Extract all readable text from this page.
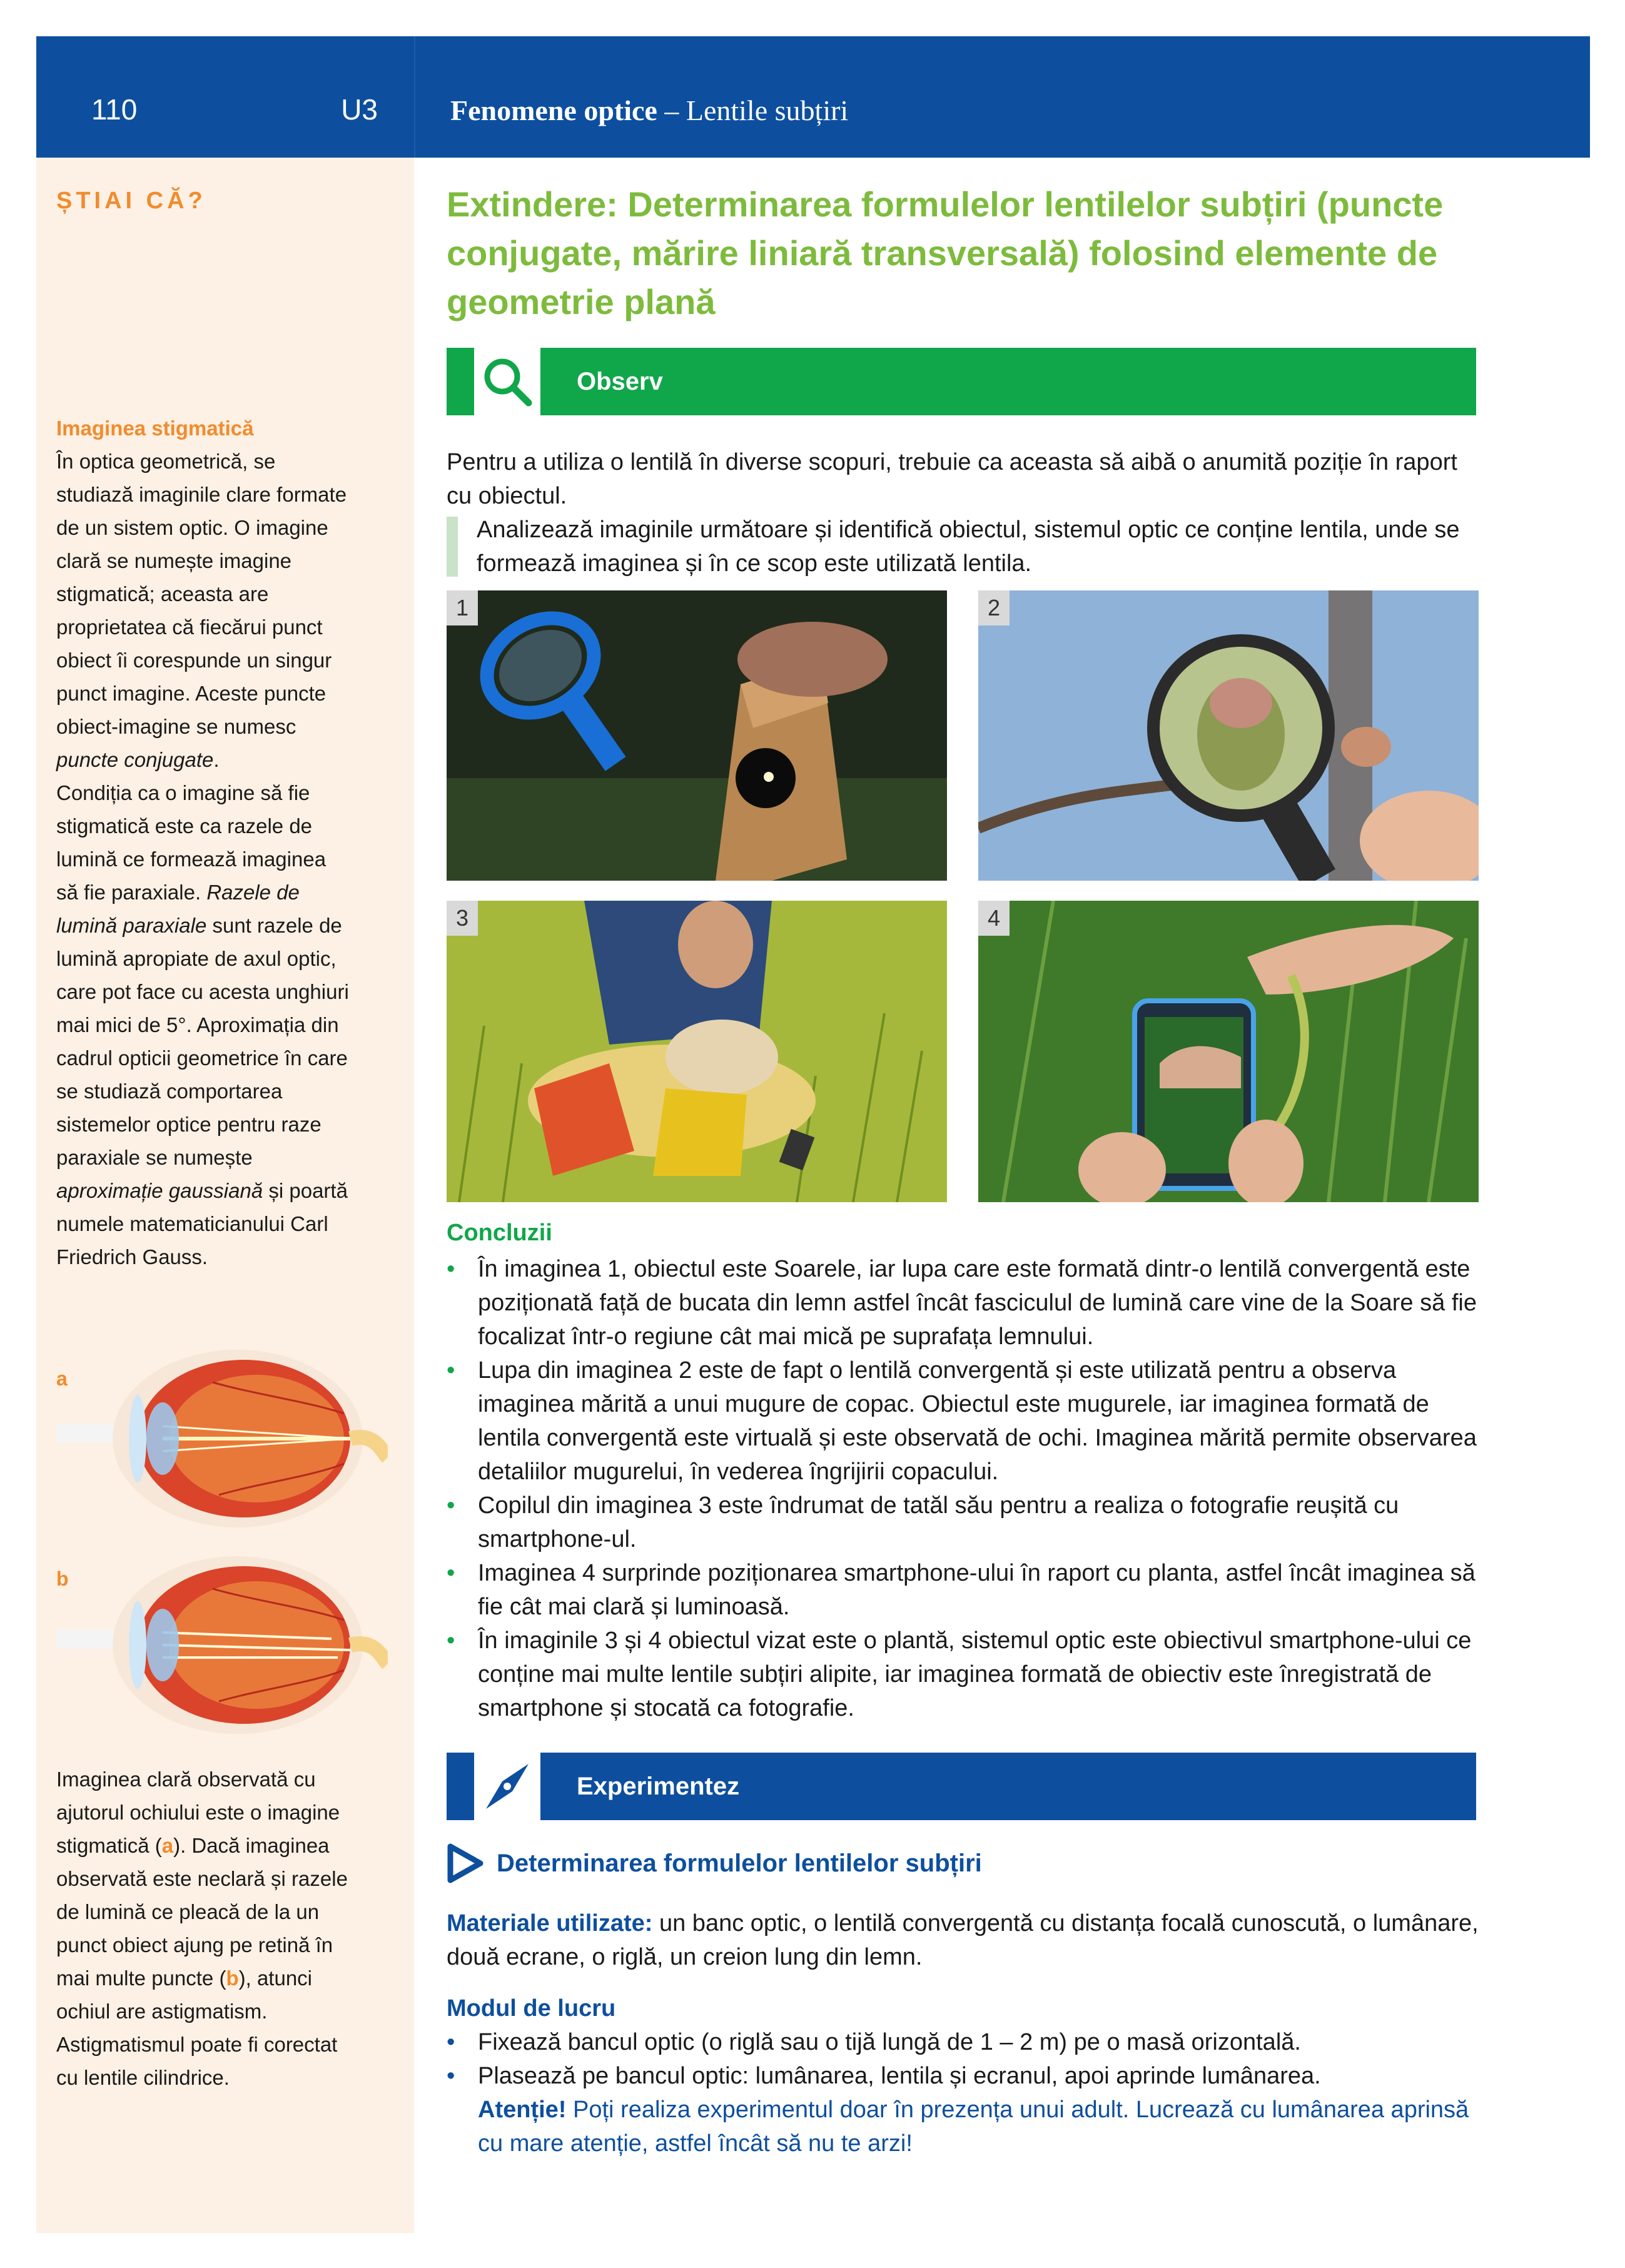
110	U3	Fenomene optice – Lentile subțiri
ȘTIAI CĂ?
Imaginea stigmatică
În optica geometrică, se studiază imaginile clare formate de un sistem optic. O imagine clară se numește imagine stigmatică; aceasta are proprietatea că fiecărui punct obiect îi corespunde un singur punct imagine. Aceste puncte obiect-imagine se numesc puncte conjugate.
Condiția ca o imagine să fie stigmatică este ca razele de lumină ce formează imaginea să fie paraxiale. Razele de lumină paraxiale sunt razele de lumină apropiate de axul optic, care pot face cu acesta unghiuri mai mici de 5°. Aproximația din cadrul opticii geometrice în care se studiază comportarea sistemelor optice pentru raze paraxiale se numește aproximație gaussiană și poartă numele matematicianului Carl Friedrich Gauss.
a
b
Imaginea clară observată cu ajutorul ochiului este o imagine stigmatică (a). Dacă imaginea observată este neclară și razele de lumină ce pleacă de la un punct obiect ajung pe retină în mai multe puncte (b), atunci ochiul are astigmatism. Astigmatismul poate fi corectat cu lentile cilindrice.
Extindere: Determinarea formulelor lentilelor subțiri (puncte conjugate, mărire liniară transversală) folosind elemente de geometrie plană
Observ
Pentru a utiliza o lentilă în diverse scopuri, trebuie ca aceasta să aibă o anumită poziție în raport cu obiectul.
Analizează imaginile următoare și identifică obiectul, sistemul optic ce conține lentila, unde se formează imaginea și în ce scop este utilizată lentila.
1	2
3	4
Concluzii
• În imaginea 1, obiectul este Soarele, iar lupa care este formată dintr-o lentilă convergentă este poziționată față de bucata din lemn astfel încât fasciculul de lumină care vine de la Soare să fie focalizat într-o regiune cât mai mică pe suprafața lemnului.
• Lupa din imaginea 2 este de fapt o lentilă convergentă și este utilizată pentru a observa imaginea mărită a unui mugure de copac. Obiectul este mugurele, iar imaginea formată de lentila convergentă este virtuală și este observată de ochi. Imaginea mărită permite observarea detaliilor mugurelui, în vederea îngrijirii copacului.
• Copilul din imaginea 3 este îndrumat de tatăl său pentru a realiza o fotografie reușită cu smartphone-ul.
• Imaginea 4 surprinde poziționarea smartphone-ului în raport cu planta, astfel încât imaginea să fie cât mai clară și luminoasă.
• În imaginile 3 și 4 obiectul vizat este o plantă, sistemul optic este obiectivul smartphone-ului ce conține mai multe lentile subțiri alipite, iar imaginea formată de obiectiv este înregistrată de smartphone și stocată ca fotografie.
Experimentez
Determinarea formulelor lentilelor subțiri
Materiale utilizate: un banc optic, o lentilă convergentă cu distanța focală cunoscută, o lumânare, două ecrane, o riglă, un creion lung din lemn.
Modul de lucru
• Fixează bancul optic (o riglă sau o tijă lungă de 1 – 2 m) pe o masă orizontală.
• Plasează pe bancul optic: lumânarea, lentila și ecranul, apoi aprinde lumânarea.
Atenție! Poți realiza experimentul doar în prezența unui adult. Lucrează cu lumânarea aprinsă cu mare atenție, astfel încât să nu te arzi!
